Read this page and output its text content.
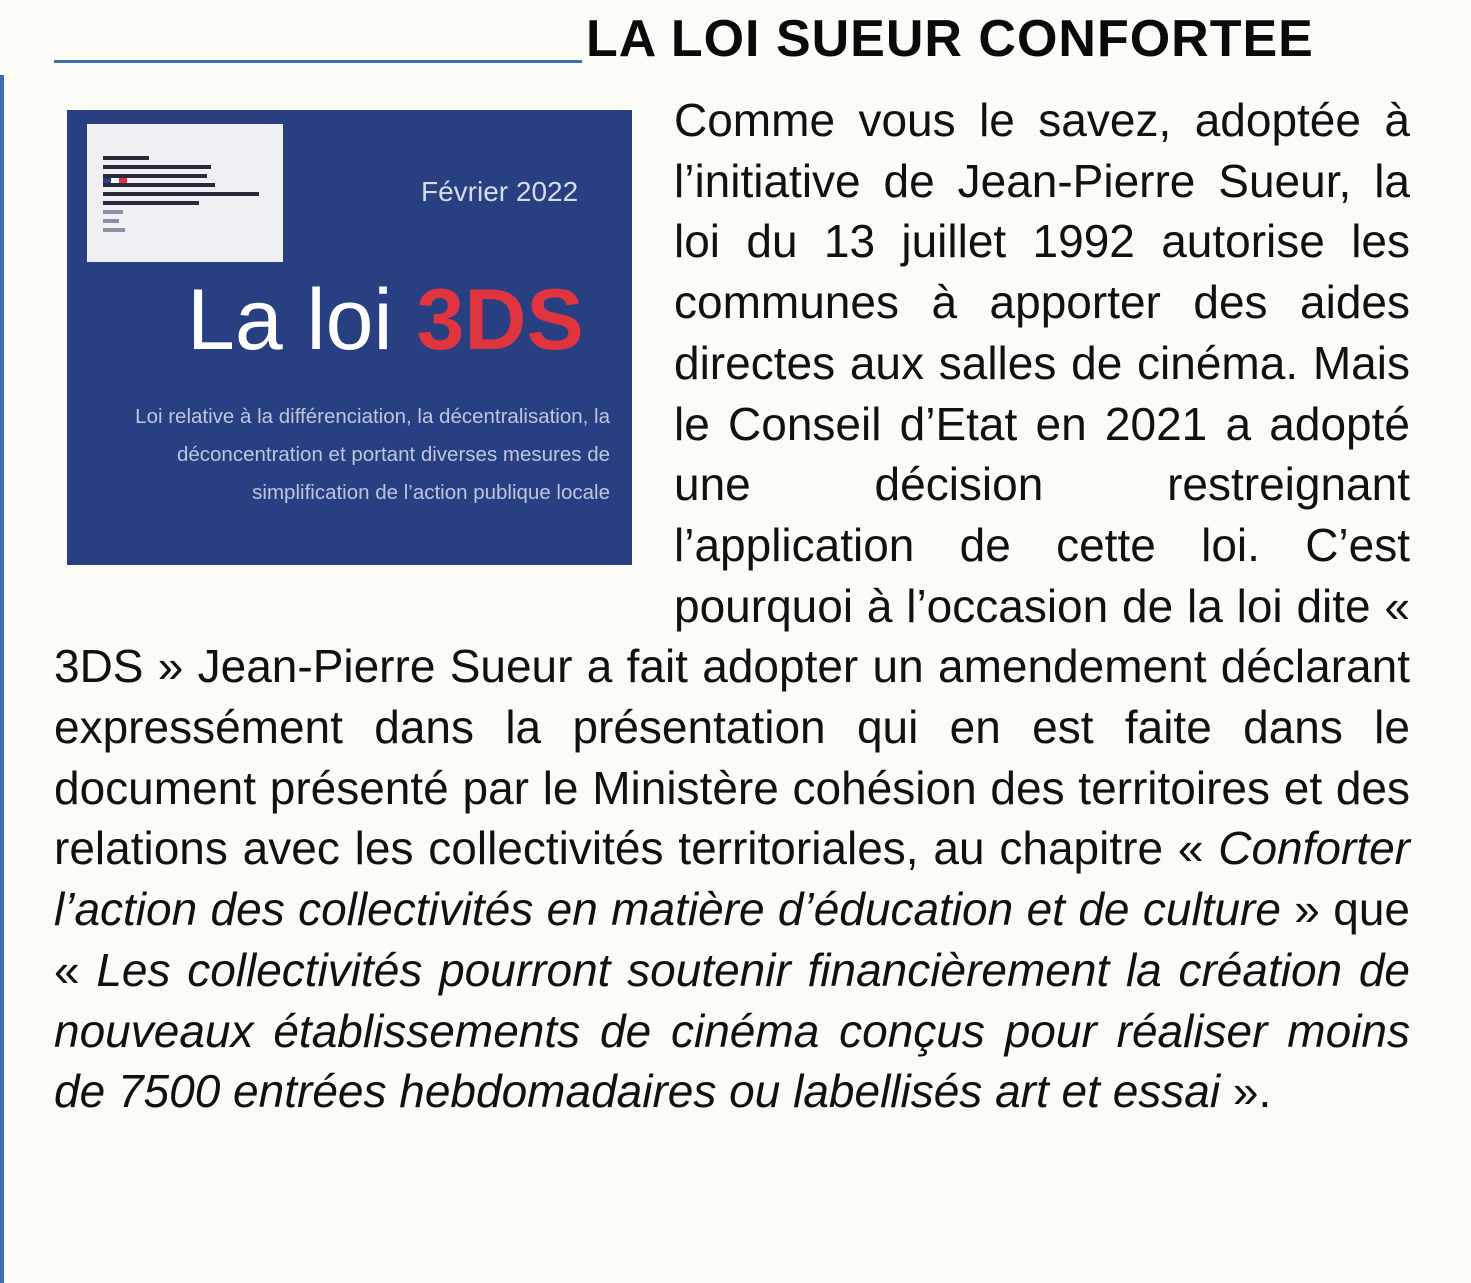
LA LOI SUEUR CONFORTEE
Février 2022
La loi 3DS
Loi relative à la différenciation, la décentralisation, la déconcentration et portant diverses mesures de simplification de l’action publique locale
Comme vous le savez, adoptée à l’initiative de Jean-Pierre Sueur, la loi du 13 juillet 1992 autorise les communes à apporter des aides directes aux salles de cinéma. Mais le Conseil d’Etat en 2021 a adopté une décision restreignant l’application de cette loi. C’est pourquoi à l’occasion de la loi dite « 3DS » Jean-Pierre Sueur a fait adopter un amendement déclarant expressément dans la présentation qui en est faite dans le document présenté par le Ministère cohésion des territoires et des relations avec les collectivités territoriales, au chapitre « Conforter l’action des collectivités en matière d’éducation et de culture » que « Les collectivités pourront soutenir financièrement la création de nouveaux établissements de cinéma conçus pour réaliser moins de 7500 entrées hebdomadaires ou labellisés art et essai ».
